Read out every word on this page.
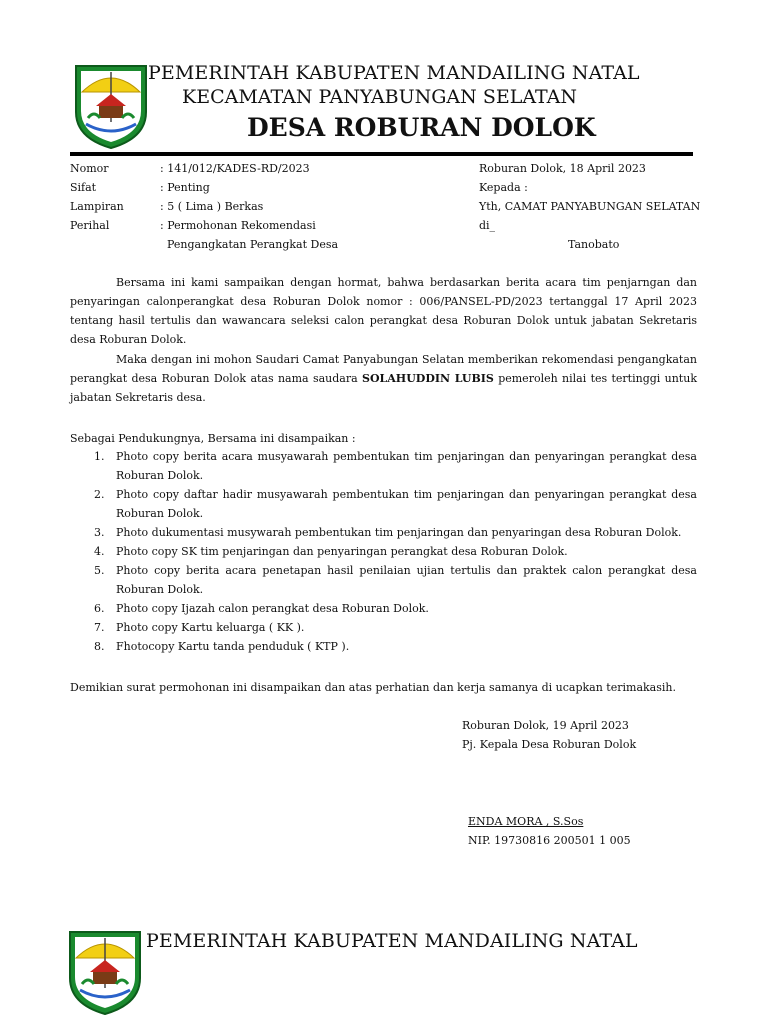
PEMERINTAH KABUPATEN MANDAILING NATAL
KECAMATAN PANYABUNGAN SELATAN
DESA ROBURAN DOLOK
Nomor	: 141/012/KADES-RD/2023
Sifat	: Penting
Lampiran	: 5 ( Lima ) Berkas
Perihal	: Permohonan Rekomendasi
Pengangkatan Perangkat Desa
Roburan Dolok, 18 April 2023
Kepada :
Yth, CAMAT PANYABUNGAN SELATAN
di_
Tanobato
Bersama ini kami sampaikan dengan hormat, bahwa berdasarkan berita acara tim penjarngan dan penyaringan calonperangkat desa Roburan Dolok nomor : 006/PANSEL-PD/2023 tertanggal 17 April 2023 tentang hasil tertulis dan wawancara seleksi calon perangkat desa Roburan Dolok untuk jabatan Sekretaris desa Roburan Dolok.
Maka dengan ini mohon Saudari Camat Panyabungan Selatan memberikan rekomendasi pengangkatan perangkat desa Roburan Dolok atas nama saudara SOLAHUDDIN LUBIS pemeroleh nilai tes tertinggi untuk jabatan Sekretaris desa.
Sebagai Pendukungnya, Bersama ini disampaikan :
1. Photo copy berita acara musyawarah pembentukan tim penjaringan dan penyaringan perangkat desa Roburan Dolok.
2. Photo copy daftar hadir musyawarah pembentukan tim penjaringan dan penyaringan perangkat desa Roburan Dolok.
3. Photo dukumentasi musywarah pembentukan tim penjaringan dan penyaringan desa Roburan Dolok.
4. Photo copy SK tim penjaringan dan penyaringan perangkat desa Roburan Dolok.
5. Photo copy berita acara penetapan hasil penilaian ujian tertulis dan praktek calon perangkat desa Roburan Dolok.
6. Photo copy Ijazah calon perangkat desa Roburan Dolok.
7. Photo copy Kartu keluarga ( KK ).
8. Fhotocopy Kartu tanda penduduk ( KTP ).
Demikian surat permohonan ini disampaikan dan atas perhatian dan kerja samanya di ucapkan terimakasih.
Roburan Dolok, 19 April 2023
Pj. Kepala Desa Roburan Dolok
ENDA MORA , S.Sos
NIP. 19730816 200501 1 005
PEMERINTAH KABUPATEN MANDAILING NATAL
